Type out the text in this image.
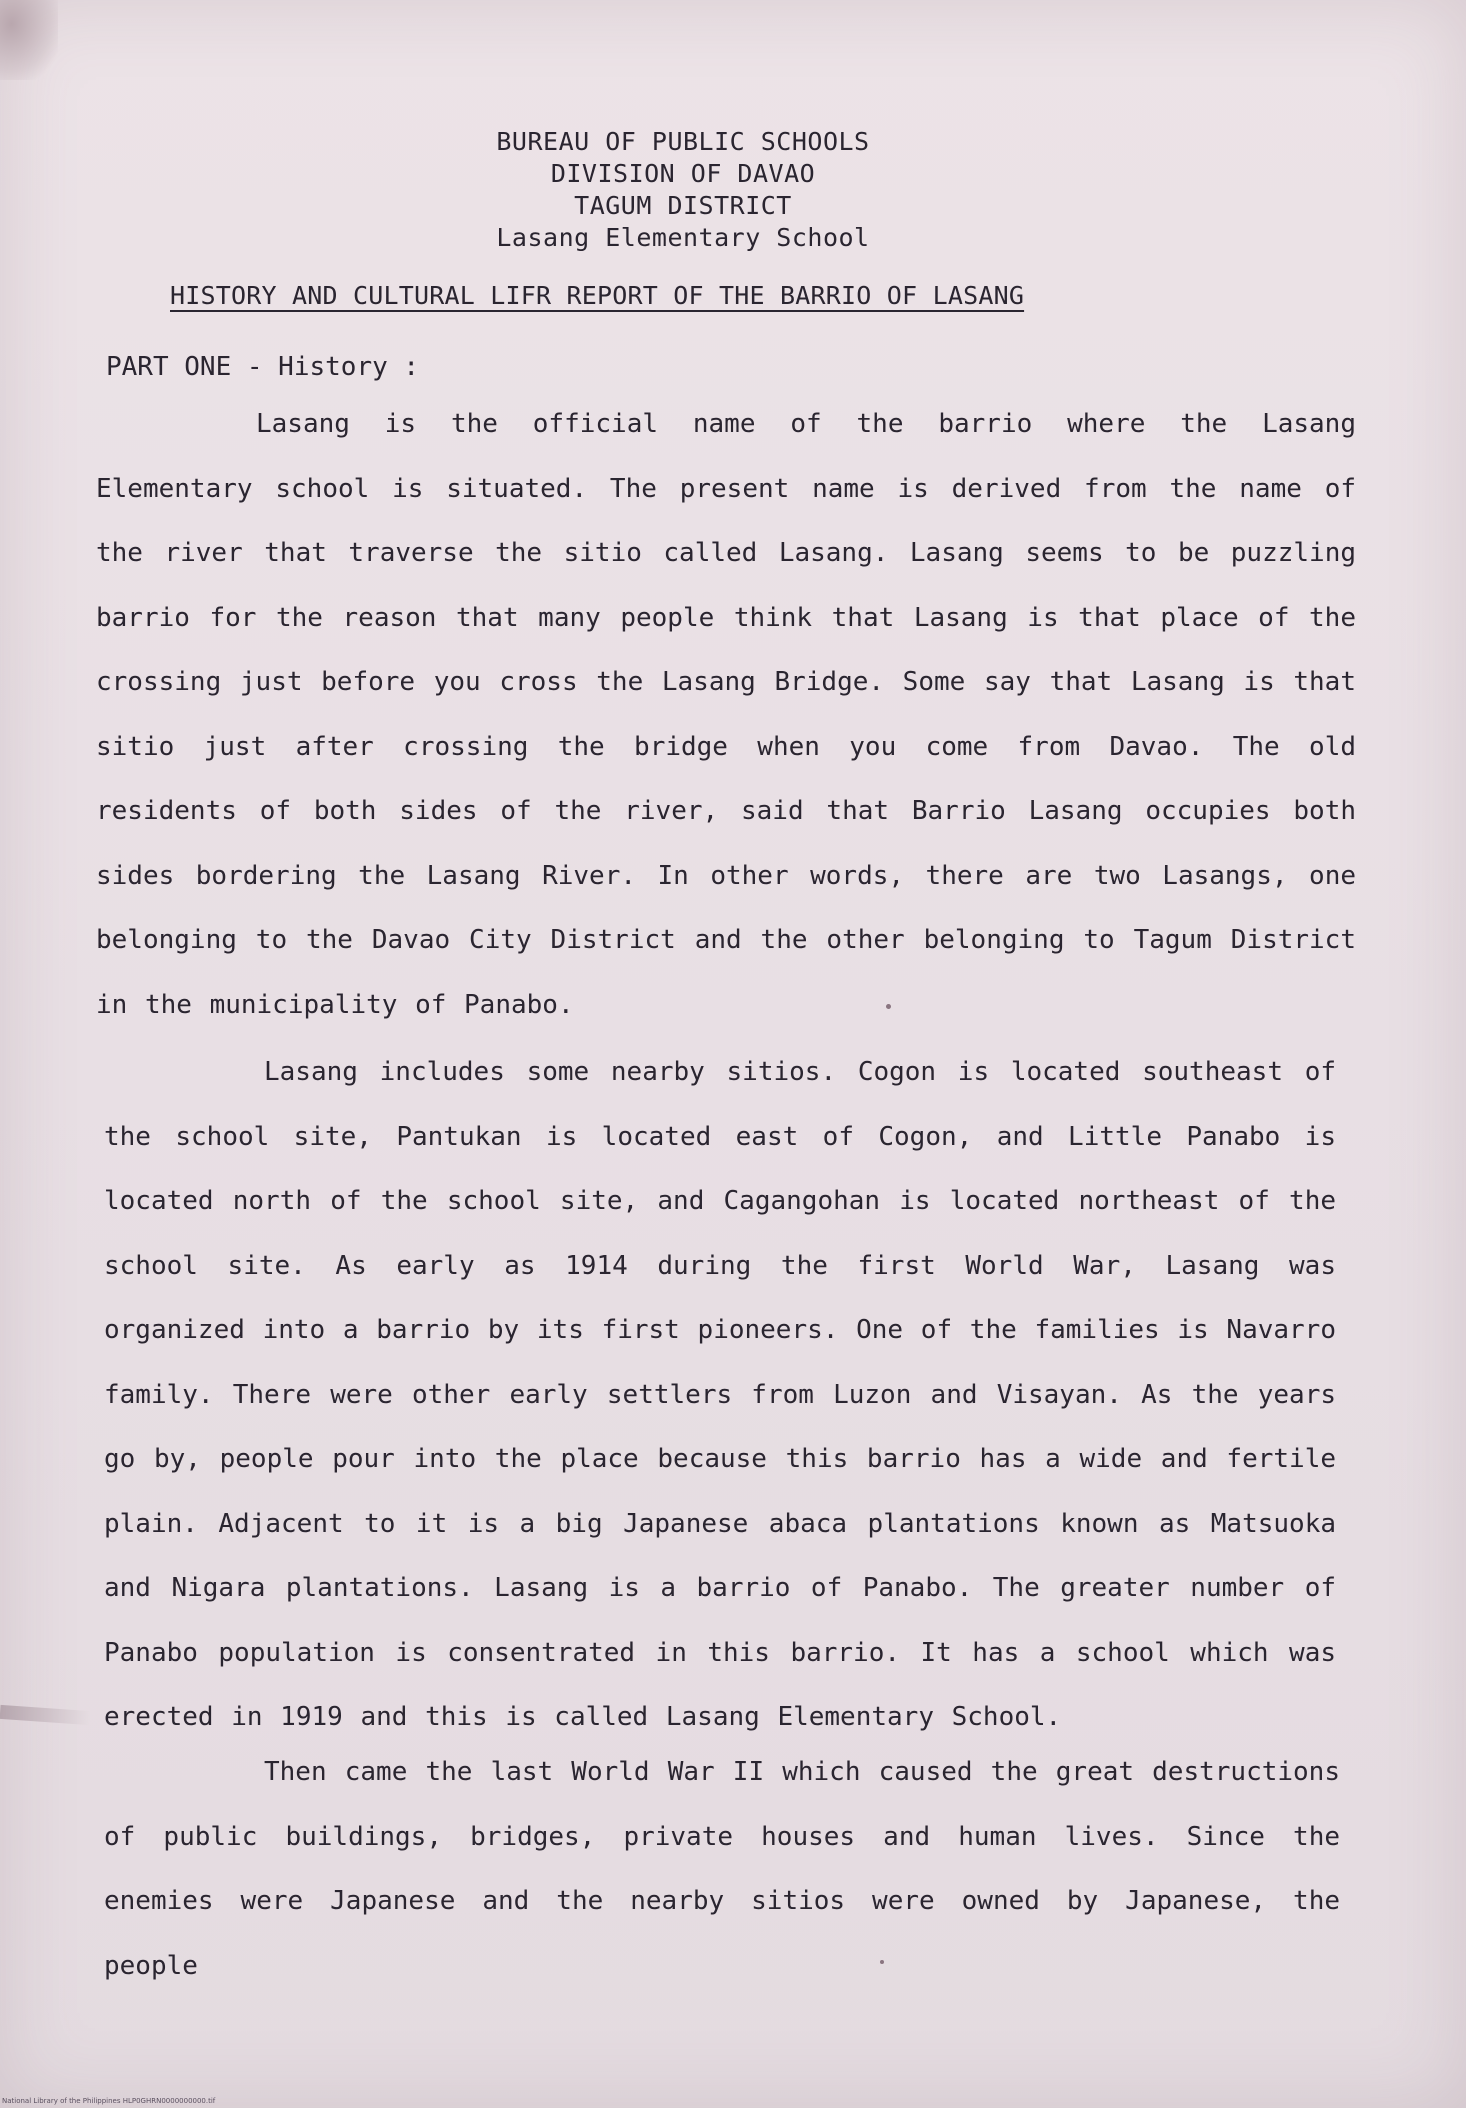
BUREAU OF PUBLIC SCHOOLS
DIVISION OF DAVAO
TAGUM DISTRICT
Lasang Elementary School
HISTORY AND CULTURAL LIFR REPORT OF THE BARRIO OF LASANG
PART ONE - History :

Lasang is the official name of the barrio where the Lasang Elementary school is situated. The present name is derived from the name of the river that traverse the sitio called Lasang. Lasang seems to be puzzling barrio for the reason that many people think that Lasang is that place of the crossing just before you cross the Lasang Bridge. Some say that Lasang is that sitio just after crossing the bridge when you come from Davao. The old residents of both sides of the river, said that Barrio Lasang occupies both sides bordering the Lasang River. In other words, there are two Lasangs, one belonging to the Davao City District and the other belonging to Tagum District in the municipality of Panabo.

Lasang includes some nearby sitios. Cogon is located southeast of the school site, Pantukan is located east of Cogon, and Little Panabo is located north of the school site, and Cagangohan is located northeast of the school site. As early as 1914 during the first World War, Lasang was organized into a barrio by its first pioneers. One of the families is Navarro family. There were other early settlers from Luzon and Visayan. As the years go by, people pour into the place because this barrio has a wide and fertile plain. Adjacent to it is a big Japanese abaca plantations known as Matsuoka and Nigara plantations. Lasang is a barrio of Panabo. The greater number of Panabo population is consentrated in this barrio. It has a school which was erected in 1919 and this is called Lasang Elementary School.

Then came the last World War II which caused the great destructions of public buildings, bridges, private houses and human lives. Since the enemies were Japanese and the nearby sitios were owned by Japanese, the people

National Library of the Philippines HLP0GHRN0000000000.tif
